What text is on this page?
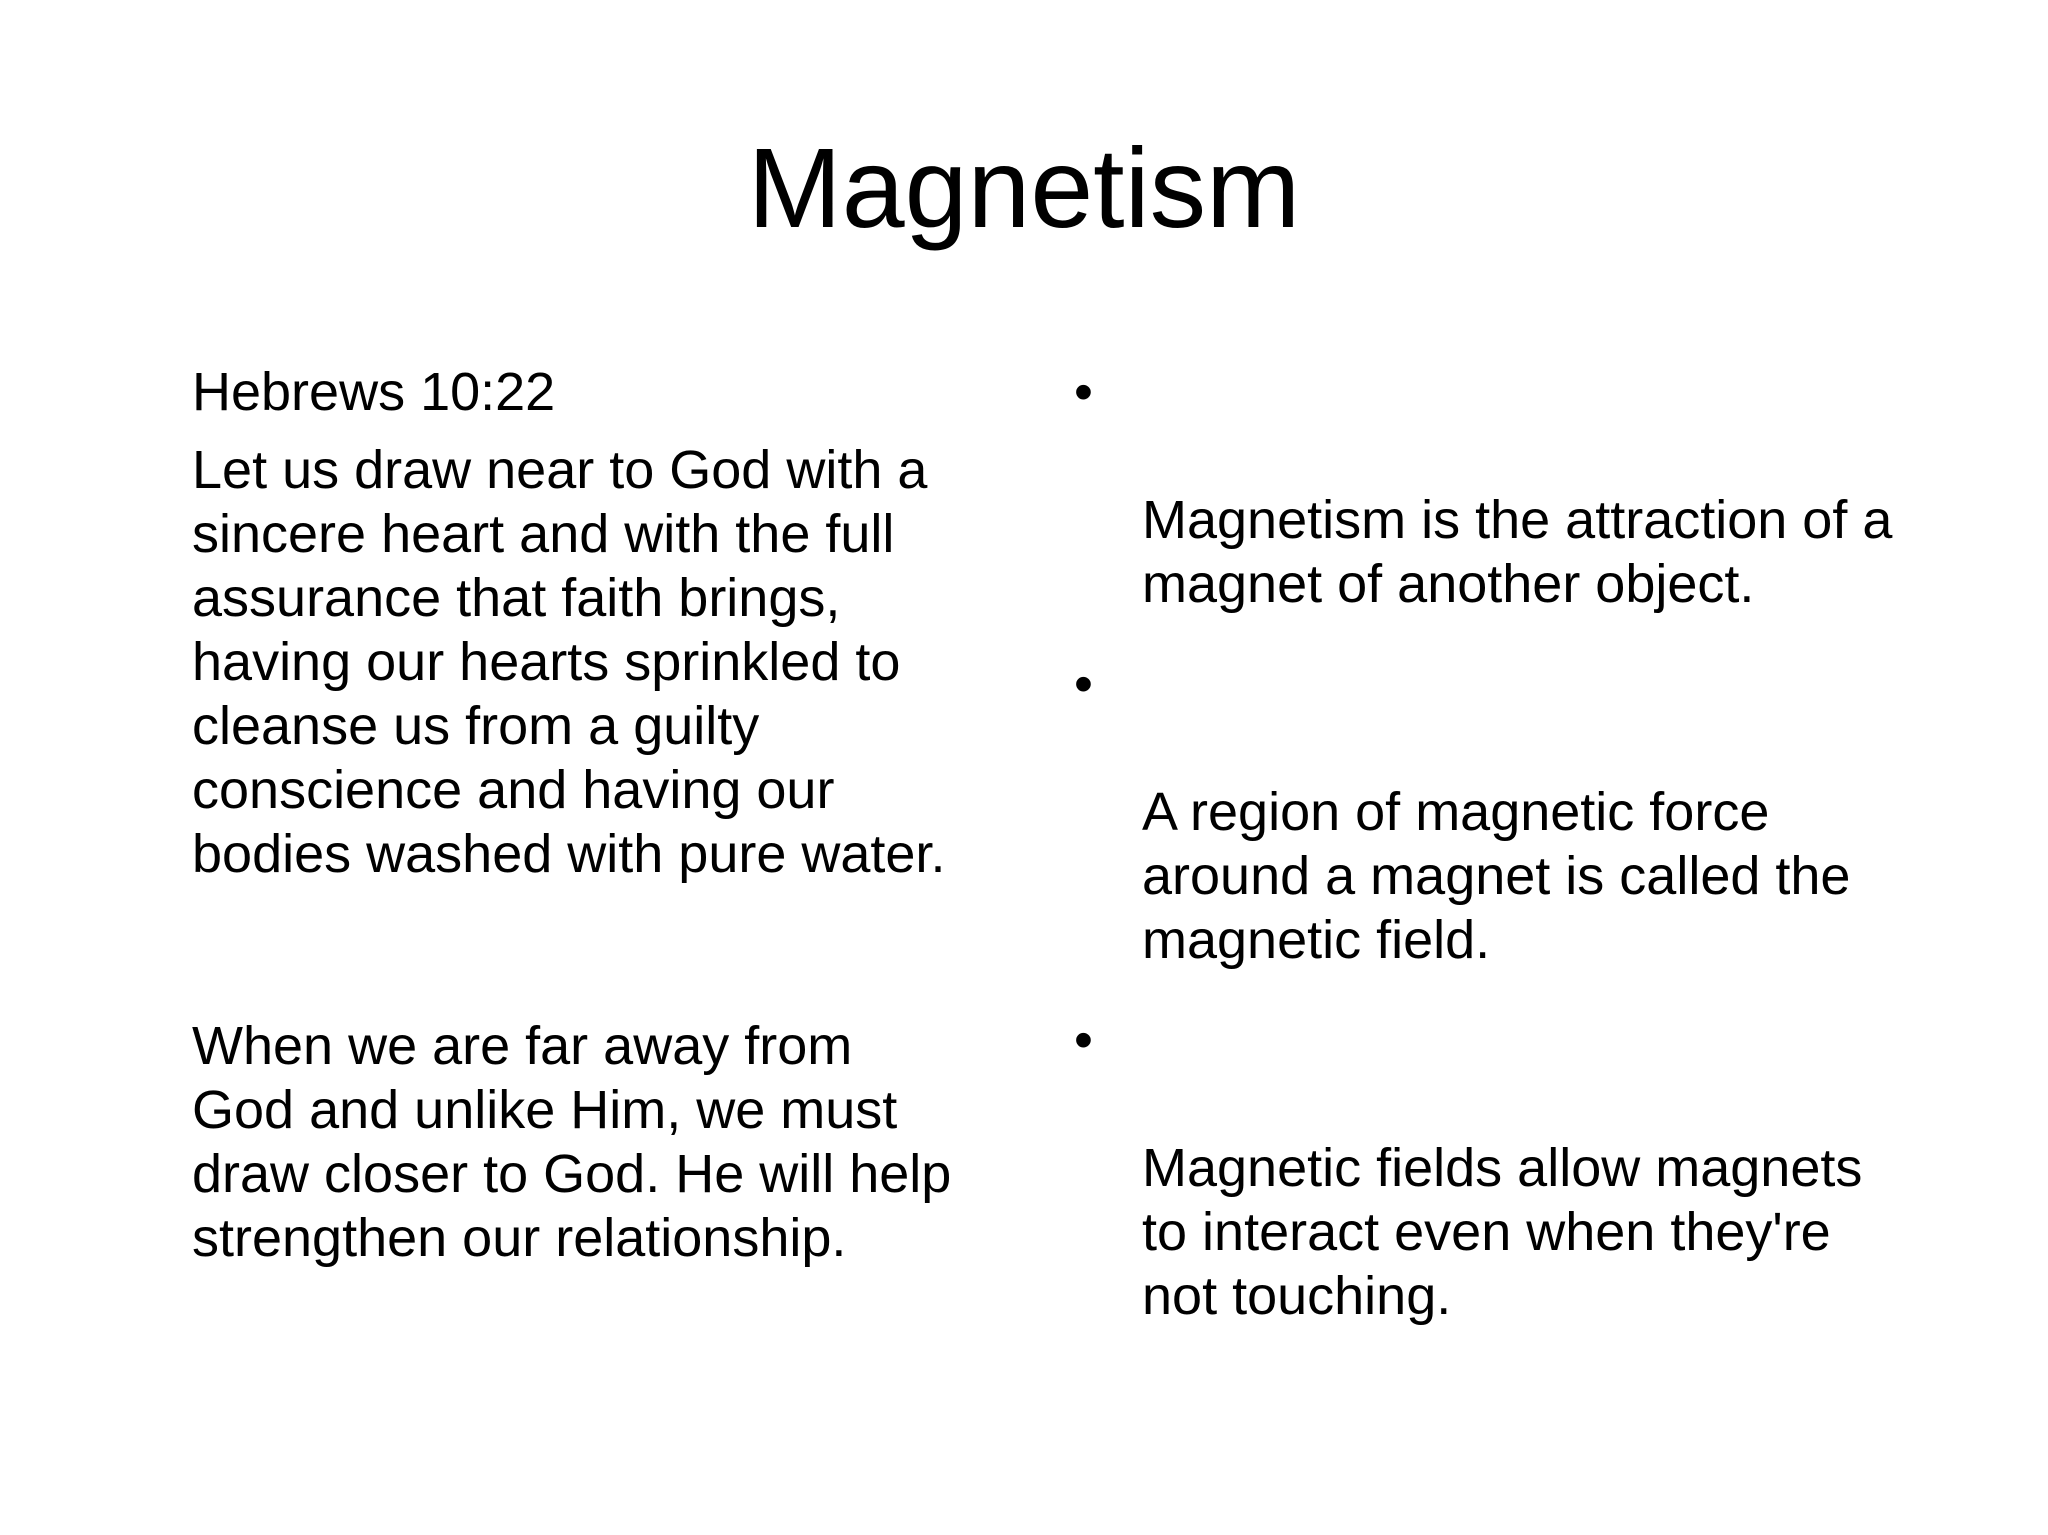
Magnetism

Hebrews 10:22

Let us draw near to God with a
sincere heart and with the full
assurance that faith brings,
having our hearts sprinkled to
cleanse us from a guilty
conscience and having our
bodies washed with pure water.

When we are far away from
God and unlike Him, we must
draw closer to God. He will help
strengthen our relationship.

•

Magnetism is the attraction of a
magnet of another object.

•

A region of magnetic force
around a magnet is called the
magnetic field.

•

Magnetic fields allow magnets
to interact even when they're
not touching.
